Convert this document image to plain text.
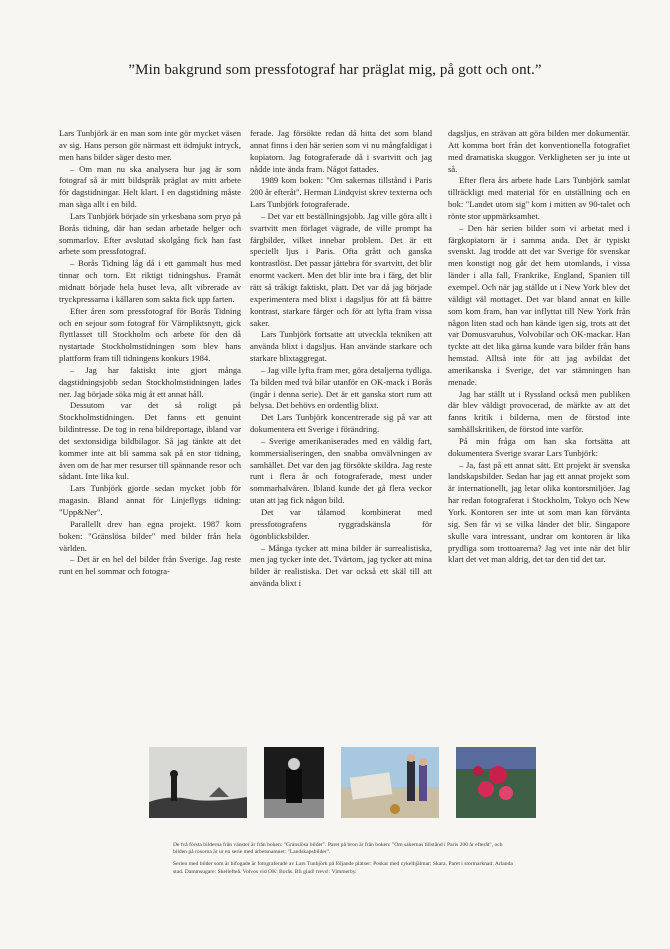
”Min bakgrund som pressfotograf har präglat mig, på gott och ont.”

Lars Tunbjörk är en man som inte gör mycket väsen av sig. Hans person gör närmast ett ödmjukt intryck, men hans bilder säger desto mer.

– Om man nu ska analysera hur jag är som fotograf så är mitt bildspråk präglat av mitt arbete för dagstidningar. Helt klart. I en dagstidning måste man säga allt i en bild.

Lars Tunbjörk började sin yrkesbana som pryo på Borås tidning, där han sedan arbetade helger och sommarlov. Efter avslutad skolgång fick han fast arbete som pressfotograf.

– Borås Tidning låg då i ett gammalt hus med tinnar och torn. Ett riktigt tidningshus. Framåt midnatt började hela huset leva, allt vibrerade av tryckpressarna i källaren som sakta fick upp farten.

Efter åren som pressfotograf för Borås Tidning och en sejour som fotograf för Värnpliktsnytt, gick flyttlasset till Stockholm och arbete för den då nystartade Stockholmstidningen som blev hans plattform fram till tidningens konkurs 1984.

– Jag har faktiskt inte gjort många dagstidningsjobb sedan Stockholmstidningen lades ner. Jag började söka mig åt ett annat håll.

Dessutom var det så roligt på Stockholmstidningen. Det fanns ett genuint bildintresse. De tog in rena bildreportage, ibland var det sextonsidiga bildbilagor. Så jag tänkte att det kommer inte att bli samma sak på en stor tidning, även om de har mer resurser till spännande resor och sådant. Inte lika kul.

Lars Tunbjörk gjorde sedan mycket jobb för magasin. Bland annat för Linjeflygs tidning: "Upp&Ner".

Parallellt drev han egna projekt. 1987 kom boken: "Gränslösa bilder" med bilder från hela världen.

– Det är en hel del bilder från Sverige. Jag reste runt en hel sommar och fotogra-

ferade. Jag försökte redan då hitta det som bland annat finns i den här serien som vi nu mångfaldigat i kopiatorn. Jag fotograferade då i svartvitt och jag nådde inte ända fram. Något fattades.

1989 kom boken: "Om sakernas tillstånd i Paris 200 år efteråt". Herman Lindqvist skrev texterna och Lars Tunbjörk fotograferade.

– Det var ett beställningsjobb. Jag ville göra allt i svartvitt men förlaget vägrade, de ville prompt ha färgbilder, vilket innebar problem. Det är ett speciellt ljus i Paris. Ofta grått och ganska kontrastlöst. Det passar jättebra för svartvitt, det blir enormt vackert. Men det blir inte bra i färg, det blir rätt så tråkigt faktiskt, platt. Det var då jag började experimentera med blixt i dagsljus för att få bättre kontrast, starkare färger och för att lyfta fram vissa saker.

Lars Tunbjörk fortsatte att utveckla tekniken att använda blixt i dagsljus. Han använde starkare och starkare blixtaggregat.

– Jag ville lyfta fram mer, göra detaljerna tydliga. Ta bilden med två bilar utanför en OK-mack i Borås (ingår i denna serie). Det är ett ganska stort rum att belysa. Det behövs en ordentlig blixt.

Det Lars Tunbjörk koncentrerade sig på var att dokumentera ett Sverige i förändring.

– Sverige amerikaniserades med en väldig fart, kommersialiseringen, den snabba omvälvningen av samhället. Det var den jag försökte skildra. Jag reste runt i flera år och fotograferade, mest under sommarhalvåren. Ibland kunde det gå flera veckor utan att jag fick någon bild.

Det var tålamod kombinerat med pressfotografens ryggradskänsla för ögonblicksbilder.

– Många tycker att mina bilder är surrealistiska, men jag tycker inte det. Tvärtom, jag tycker att mina bilder är realistiska. Det var också ett skäl till att använda blixt i

dagsljus, en strävan att göra bilden mer dokumentär. Att komma bort från det konventionella fotografiet med dramatiska skuggor. Verkligheten ser ju inte ut så.

Efter flera års arbete hade Lars Tunbjörk samlat tillräckligt med material för en utställning och en bok: "Landet utom sig" kom i mitten av 90-talet och rönte stor uppmärksamhet.

– Den här serien bilder som vi arbetat med i färgkopiatorn är i samma anda. Det är typiskt svenskt. Jag trodde att det var Sverige för svenskar men konstigt nog går det hem utomlands, i vissa länder i alla fall, Frankrike, England, Spanien till exempel. Och när jag ställde ut i New York blev det väldigt väl mottaget. Det var bland annat en kille som kom fram, han var inflyttat till New York från någon liten stad och han kände igen sig, trots att det var Domusvaruhus, Volvobilar och OK-mackar. Han tyckte att det lika gärna kunde vara bilder från hans hemstad. Alltså inte för att jag avbildat det amerikanska i Sverige, det var stämningen han menade.

Jag har ställt ut i Ryssland också men publiken där blev väldigt provocerad, de märkte av att det fanns kritik i bilderna, men de förstod inte samhällskritiken, de förstod inte varför.

På min fråga om han ska fortsätta att dokumentera Sverige svarar Lars Tunbjörk:

– Ja, fast på ett annat sätt. Ett projekt är svenska landskapsbilder. Sedan har jag ett annat projekt som är internationellt, jag letar olika kontorsmiljöer. Jag har redan fotograferat i Stockholm, Tokyo och New York. Kontoren ser inte ut som man kan förvänta sig. Sen får vi se vilka länder det blir. Singapore skulle vara intressant, undrar om kontoren är lika prydliga som trottoarerna? Jag vet inte när det blir klart det vet man aldrig, det tar den tid det tar.

De två första bilderna från vänster är från boken: "Gränslösa bilder". Paret på bron är från boken: "Om sakernas tillstånd i Paris 200 år efteråt", och bilden på rosorna är ur en serie med arbetsnamnet: "Landskapsbilder".

Serien med bilder som är bifogade är fotograferade av Lars Tunbjörk på följande platser: Poskar med cykelhjälmar: Skara. Paret i stormarknad: Arlanda stad. Dammsugare: Skellefteå. Volvos vid OK: Borås. Bli glad! trevs!: Vimmerby.
